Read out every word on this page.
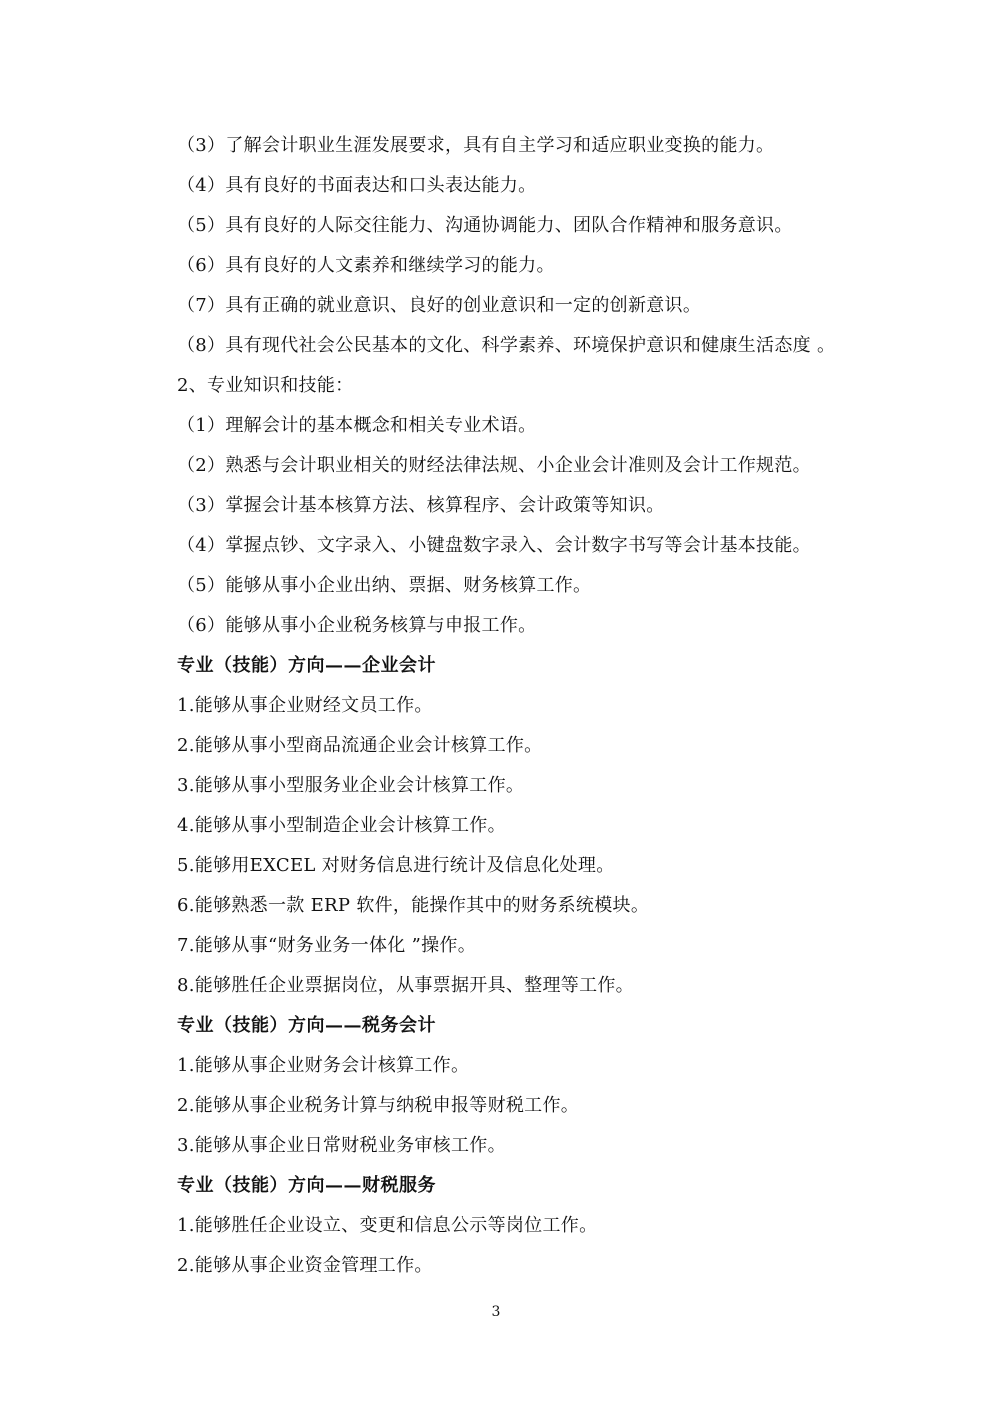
（3）了解会计职业生涯发展要求，具有自主学习和适应职业变换的能力。
（4）具有良好的书面表达和口头表达能力。
（5）具有良好的人际交往能力、沟通协调能力、团队合作精神和服务意识。
（6）具有良好的人文素养和继续学习的能力。
（7）具有正确的就业意识、良好的创业意识和一定的创新意识。
（8）具有现代社会公民基本的文化、科学素养、环境保护意识和健康生活态度 。
2、专业知识和技能：
（1）理解会计的基本概念和相关专业术语。
（2）熟悉与会计职业相关的财经法律法规、小企业会计准则及会计工作规范。
（3）掌握会计基本核算方法、核算程序、会计政策等知识。
（4）掌握点钞、文字录入、小键盘数字录入、会计数字书写等会计基本技能。
（5）能够从事小企业出纳、票据、财务核算工作。
（6）能够从事小企业税务核算与申报工作。
专业（技能）方向——企业会计
1.能够从事企业财经文员工作。
2.能够从事小型商品流通企业会计核算工作。
3.能够从事小型服务业企业会计核算工作。
4.能够从事小型制造企业会计核算工作。
5.能够用EXCEL 对财务信息进行统计及信息化处理。
6.能够熟悉一款 ERP 软件，能操作其中的财务系统模块。
7.能够从事“财务业务一体化 ”操作。
8.能够胜任企业票据岗位，从事票据开具、整理等工作。
专业（技能）方向——税务会计
1.能够从事企业财务会计核算工作。
2.能够从事企业税务计算与纳税申报等财税工作。
3.能够从事企业日常财税业务审核工作。
专业（技能）方向——财税服务
1.能够胜任企业设立、变更和信息公示等岗位工作。
2.能够从事企业资金管理工作。
3
